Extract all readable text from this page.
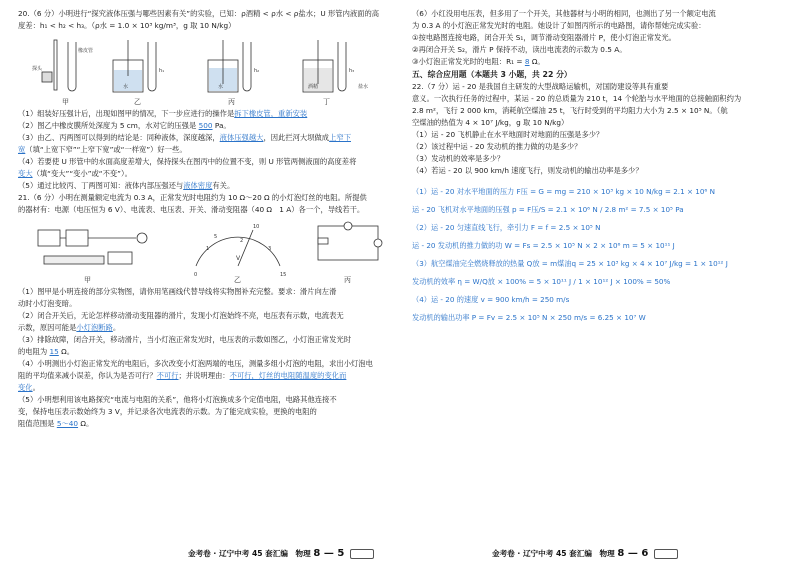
20.（6 分）小明进行“探究液体压强与哪些因素有关”的实验，已知：ρ酒精 < ρ水 < ρ盐水；U 形管内液面的高
度差：h₁ < h₂ < h₃。（ρ水 = 1.0 × 10³ kg/m³，g 取 10 N/kg）
甲	乙	丙	丁
探头
橡皮管
水	水
h₁	h₂	h₃
酒精	盐水
（1）组装好压强计后，出现如图甲的情况，下一步应进行的操作是拆下橡皮管，重新安装
（2）图乙中橡皮膜所处深度为 5 cm，水对它的压强是 500 Pa。
（3）由乙、丙两图可以得到的结论是：同种液体，深度越深，液体压强越大，因此拦河大坝做成上窄下
宽（填“上宽下窄”“上窄下宽”或“一样宽”）好一些。
（4）若要使 U 形管中的水面高度差增大，保持探头在图丙中的位置不变，则 U 形管两侧液面的高度差将
变大（填“变大”“变小”或“不变”）。
（5）通过比较丙、丁两图可知：液体内部压强还与液体密度有关。
21.（6 分）小明在测量额定电流为 0.3 A，正常发光时电阻约为 10 Ω～20 Ω 的小灯泡灯丝的电阻。所提供
的器材有：电源（电压恒为 6 V）、电流表、电压表、开关、滑动变阻器（40 Ω　1 A）各一个，导线若干。
0
5
10
15
1
2
3
V
甲	乙	丙
（1）图甲是小明连接的部分实物图，请你用笔画线代替导线将实物图补充完整。要求：滑片向左滑
动时小灯泡变暗。
（2）闭合开关后，无论怎样移动滑动变阻器的滑片，发现小灯泡始终不亮，电压表有示数，电流表无
示数，原因可能是小灯泡断路。
（3）排除故障，闭合开关，移动滑片，当小灯泡正常发光时，电压表的示数如图乙，小灯泡正常发光时
的电阻为 15 Ω。
（4）小明测出小灯泡正常发光的电阻后，多次改变小灯泡两端的电压，测量多组小灯泡的电阻，求出小灯泡电
阻的平均值来减小误差，你认为是否可行？不可行；并说明理由：不可行，灯丝的电阻随温度的变化而
变化。
（5）小明想利用该电路探究“电流与电阻的关系”，他将小灯泡换成多个定值电阻，电路其他连接不
变，保持电压表示数始终为 3 V，并记录各次电流表的示数。为了能完成实验，更换的电阻的
阻值范围是 5～40 Ω。
金考卷 · 辽宁中考 45 套汇编　物理 8 — 5
（6）小红没用电压表，但多用了一个开关，其他器材与小明的相同，也测出了另一个额定电流
为 0.3 A 的小灯泡正常发光时的电阻。她设计了如图丙所示的电路图，请你帮她完成实验：
①按电路图连接电路，闭合开关 S₁，调节滑动变阻器滑片 P，使小灯泡正常发光。
②再闭合开关 S₂，滑片 P 保持不动，读出电流表的示数为 0.5 A。
③小灯泡正常发光时的电阻：R₁ = 8 Ω。
五、综合应用题（本题共 3 小题，共 22 分）
22.（7 分）运 - 20 是我国自主研发的大型战略运输机，对国防建设等具有重要
意义。一次执行任务的过程中，某运 - 20 的总质量为 210 t，14 个轮胎与水平地面的总接触面积约为
2.8 m²，飞行 2 000 km，消耗航空煤油 25 t，飞行时受到的平均阻力大小为 2.5 × 10⁵ N。（航
空煤油的热值为 4 × 10⁷ J/kg，g 取 10 N/kg）
（1）运 - 20 飞机静止在水平地面时对地面的压强是多少？
（2）该过程中运 - 20 发动机的推力做的功是多少？
（3）发动机的效率是多少？
（4）若运 - 20 以 900 km/h 速度飞行，则发动机的输出功率是多少？
（1）运 - 20 对水平地面的压力 F压 = G = mg = 210 × 10³ kg × 10 N/kg = 2.1 × 10⁶ N
运 - 20 飞机对水平地面的压强 p = F压/S = 2.1 × 10⁶ N / 2.8 m² = 7.5 × 10⁵ Pa
（2）运 - 20 匀速直线飞行，牵引力 F = f = 2.5 × 10⁵ N
运 - 20 发动机的推力做的功 W = Fs = 2.5 × 10⁵ N × 2 × 10⁶ m = 5 × 10¹¹ J
（3）航空煤油完全燃烧释放的热量 Q放 = m煤油q = 25 × 10³ kg × 4 × 10⁷ J/kg = 1 × 10¹² J
发动机的效率 η = W/Q放 × 100% = 5 × 10¹¹ J / 1 × 10¹² J × 100% = 50%
（4）运 - 20 的速度 v = 900 km/h = 250 m/s
发动机的输出功率 P = Fv = 2.5 × 10⁵ N × 250 m/s = 6.25 × 10⁷ W
金考卷 · 辽宁中考 45 套汇编　物理 8 — 6
